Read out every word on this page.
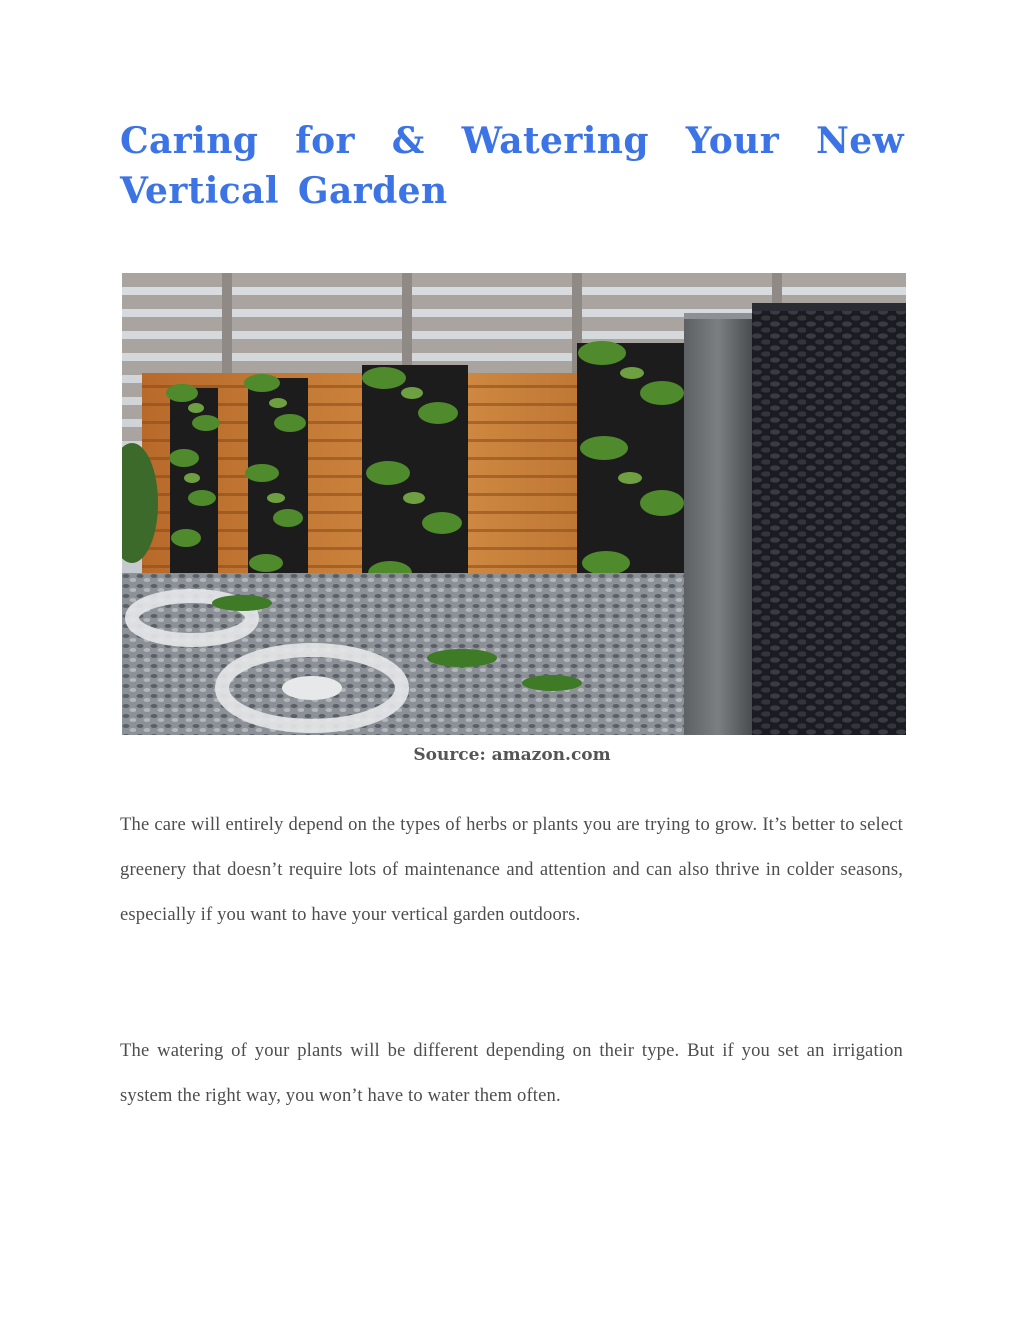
Caring for & Watering Your New Vertical Garden

Source: amazon.com

The care will entirely depend on the types of herbs or plants you are trying to grow. It’s better to select greenery that doesn’t require lots of maintenance and attention and can also thrive in colder seasons, especially if you want to have your vertical garden outdoors.

The watering of your plants will be different depending on their type. But if you set an irrigation system the right way, you won’t have to water them often.
